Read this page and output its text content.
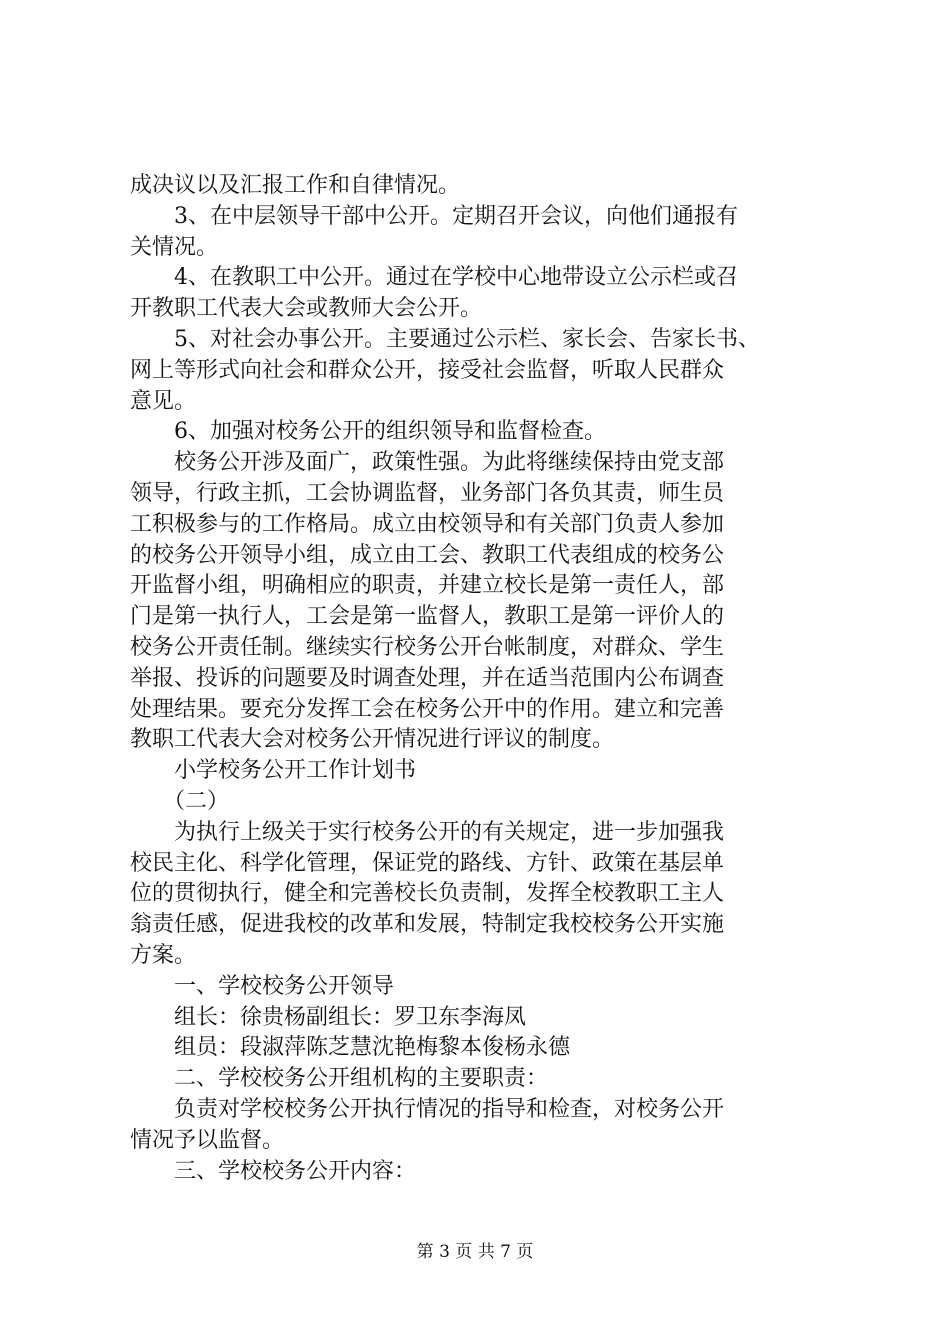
成决议以及汇报工作和自律情况。
　　3、在中层领导干部中公开。定期召开会议，向他们通报有
关情况。
　　4、在教职工中公开。通过在学校中心地带设立公示栏或召
开教职工代表大会或教师大会公开。
　　5、对社会办事公开。主要通过公示栏、家长会、告家长书、
网上等形式向社会和群众公开，接受社会监督，听取人民群众
意见。
　　6、加强对校务公开的组织领导和监督检查。
　　校务公开涉及面广，政策性强。为此将继续保持由党支部
领导，行政主抓，工会协调监督，业务部门各负其责，师生员
工积极参与的工作格局。成立由校领导和有关部门负责人参加
的校务公开领导小组，成立由工会、教职工代表组成的校务公
开监督小组，明确相应的职责，并建立校长是第一责任人，部
门是第一执行人，工会是第一监督人，教职工是第一评价人的
校务公开责任制。继续实行校务公开台帐制度，对群众、学生
举报、投诉的问题要及时调查处理，并在适当范围内公布调查
处理结果。要充分发挥工会在校务公开中的作用。建立和完善
教职工代表大会对校务公开情况进行评议的制度。
　　小学校务公开工作计划书
　　（二）
　　为执行上级关于实行校务公开的有关规定，进一步加强我
校民主化、科学化管理，保证党的路线、方针、政策在基层单
位的贯彻执行，健全和完善校长负责制，发挥全校教职工主人
翁责任感，促进我校的改革和发展，特制定我校校务公开实施
方案。
　　一、学校校务公开领导
　　组长：徐贵杨副组长：罗卫东李海凤
　　组员：段淑萍陈芝慧沈艳梅黎本俊杨永德
　　二、学校校务公开组机构的主要职责：
　　负责对学校校务公开执行情况的指导和检查，对校务公开
情况予以监督。
　　三、学校校务公开内容：
第 3 页 共 7 页
